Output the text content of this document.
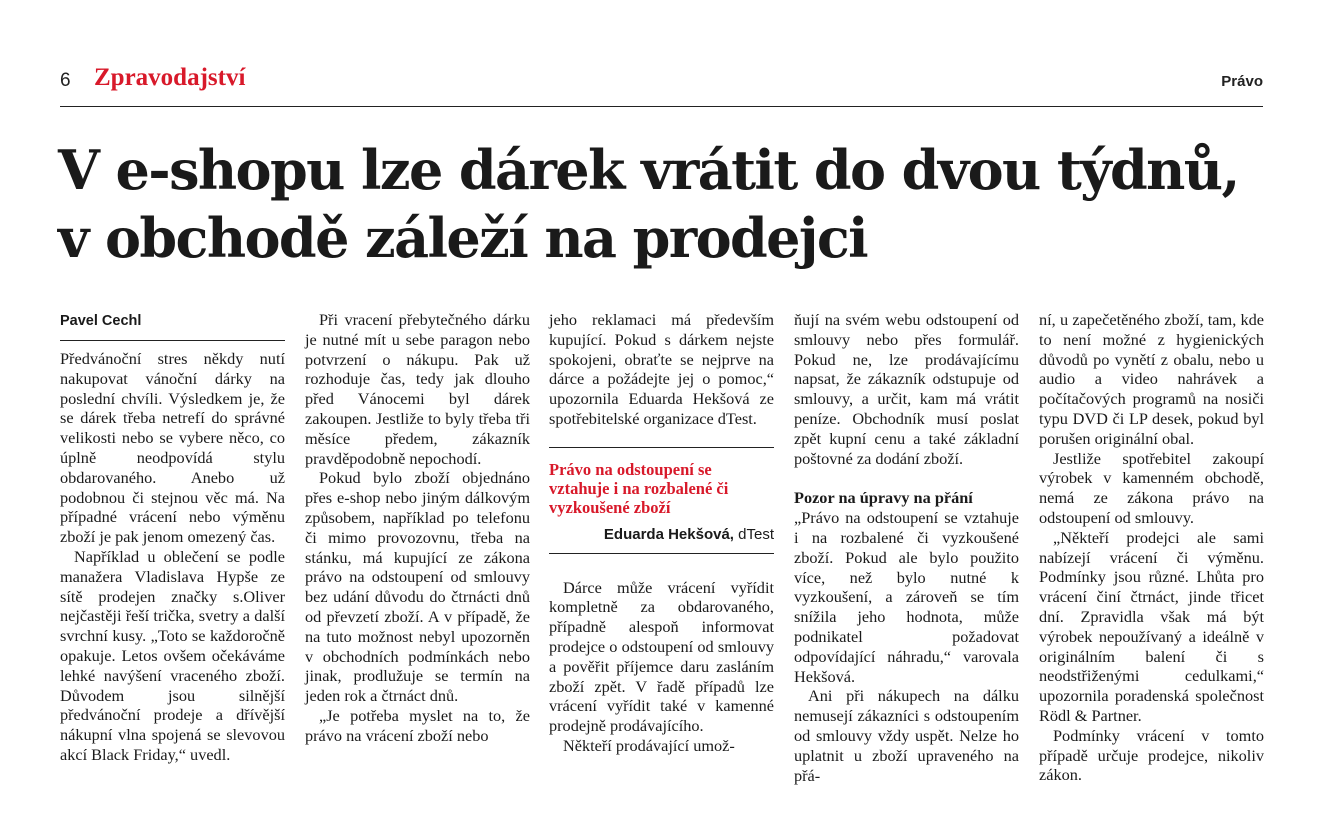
6 Zpravodajství	Právo
V e-shopu lze dárek vrátit do dvou týdnů, v obchodě záleží na prodejci
Pavel Cechl

Předvánoční stres někdy nutí nakupovat vánoční dárky na poslední chvíli. Výsledkem je, že se dárek třeba netrefí do správné velikosti nebo se vybere něco, co úplně neodpovídá stylu obdarovaného. Anebo už podobnou či stejnou věc má. Na případné vrácení nebo výměnu zboží je pak jenom omezený čas.

Například u oblečení se podle manažera Vladislava Hypše ze sítě prodejen značky s.Oliver nejčastěji řeší trička, svetry a další svrchní kusy. „Toto se každoročně opakuje. Letos ovšem očekáváme lehké navýšení vraceného zboží. Důvodem jsou silnější předvánoční prodeje a dřívější nákupní vlna spojená se slevovou akcí Black Friday,“ uvedl.

Při vracení přebytečného dárku je nutné mít u sebe paragon nebo potvrzení o nákupu. Pak už rozhoduje čas, tedy jak dlouho před Vánocemi byl dárek zakoupen. Jestliže to byly třeba tři měsíce předem, zákazník pravděpodobně nepochodí.

Pokud bylo zboží objednáno přes e-shop nebo jiným dálkovým způsobem, například po telefonu či mimo provozovnu, třeba na stánku, má kupující ze zákona právo na odstoupení od smlouvy bez udání důvodu do čtrnácti dnů od převzetí zboží. A v případě, že na tuto možnost nebyl upozorněn v obchodních podmínkách nebo jinak, prodlužuje se termín na jeden rok a čtrnáct dnů.

„Je potřeba myslet na to, že právo na vrácení zboží nebo

jeho reklamaci má především kupující. Pokud s dárkem nejste spokojeni, obraťte se nejprve na dárce a požádejte jej o pomoc,“ upozornila Eduarda Hekšová ze spotřebitelské organizace dTest.

Právo na odstoupení se vztahuje i na rozbalené či vyzkoušené zboží
Eduarda Hekšová, dTest

Dárce může vrácení vyřídit kompletně za obdarovaného, případně alespoň informovat prodejce o odstoupení od smlouvy a pověřit příjemce daru zasláním zboží zpět. V řadě případů lze vrácení vyřídit také v kamenné prodejně prodávajícího.

Někteří prodávající umož-

ňují na svém webu odstoupení od smlouvy nebo přes formulář. Pokud ne, lze prodávajícímu napsat, že zákazník odstupuje od smlouvy, a určit, kam má vrátit peníze. Obchodník musí poslat zpět kupní cenu a také základní poštovné za dodání zboží.

Pozor na úpravy na přání

„Právo na odstoupení se vztahuje i na rozbalené či vyzkoušené zboží. Pokud ale bylo použito více, než bylo nutné k vyzkoušení, a zároveň se tím snížila jeho hodnota, může podnikatel požadovat odpovídající náhradu,“ varovala Hekšová.

Ani při nákupech na dálku nemusejí zákazníci s odstoupením od smlouvy vždy uspět. Nelze ho uplatnit u zboží upraveného na přá-

ní, u zapečetěného zboží, tam, kde to není možné z hygienických důvodů po vynětí z obalu, nebo u audio a video nahrávek a počítačových programů na nosiči typu DVD či LP desek, pokud byl porušen originální obal.

Jestliže spotřebitel zakoupí výrobek v kamenném obchodě, nemá ze zákona právo na odstoupení od smlouvy.

„Někteří prodejci ale sami nabízejí vrácení či výměnu. Podmínky jsou různé. Lhůta pro vrácení činí čtrnáct, jinde třicet dní. Zpravidla však má být výrobek nepoužívaný a ideálně v originálním balení či s neodstřiženými cedulkami,“ upozornila poradenská společnost Rödl & Partner.

Podmínky vrácení v tomto případě určuje prodejce, nikoliv zákon.
